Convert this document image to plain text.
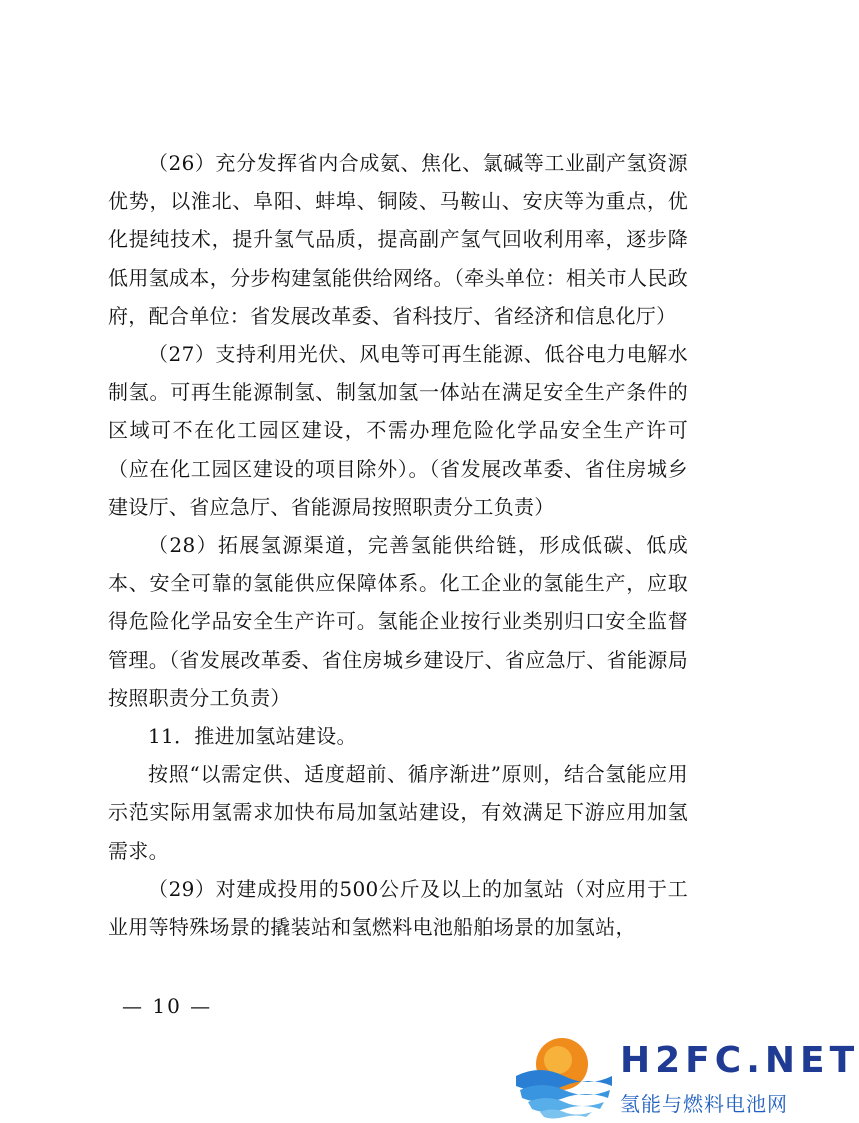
（26）充分发挥省内合成氨、焦化、氯碱等工业副产氢资源优势，以淮北、阜阳、蚌埠、铜陵、马鞍山、安庆等为重点，优化提纯技术，提升氢气品质，提高副产氢气回收利用率，逐步降低用氢成本，分步构建氢能供给网络。（牵头单位：相关市人民政府，配合单位：省发展改革委、省科技厅、省经济和信息化厅）

（27）支持利用光伏、风电等可再生能源、低谷电力电解水制氢。可再生能源制氢、制氢加氢一体站在满足安全生产条件的区域可不在化工园区建设，不需办理危险化学品安全生产许可（应在化工园区建设的项目除外）。（省发展改革委、省住房城乡建设厅、省应急厅、省能源局按照职责分工负责）

（28）拓展氢源渠道，完善氢能供给链，形成低碳、低成本、安全可靠的氢能供应保障体系。化工企业的氢能生产，应取得危险化学品安全生产许可。氢能企业按行业类别归口安全监督管理。（省发展改革委、省住房城乡建设厅、省应急厅、省能源局按照职责分工负责）

11．推进加氢站建设。

按照“以需定供、适度超前、循序渐进”原则，结合氢能应用示范实际用氢需求加快布局加氢站建设，有效满足下游应用加氢需求。

（29）对建成投用的500公斤及以上的加氢站（对应用于工业用等特殊场景的撬装站和氢燃料电池船舶场景的加氢站，

— 10 —
H2FC.NET
氢能与燃料电池网
